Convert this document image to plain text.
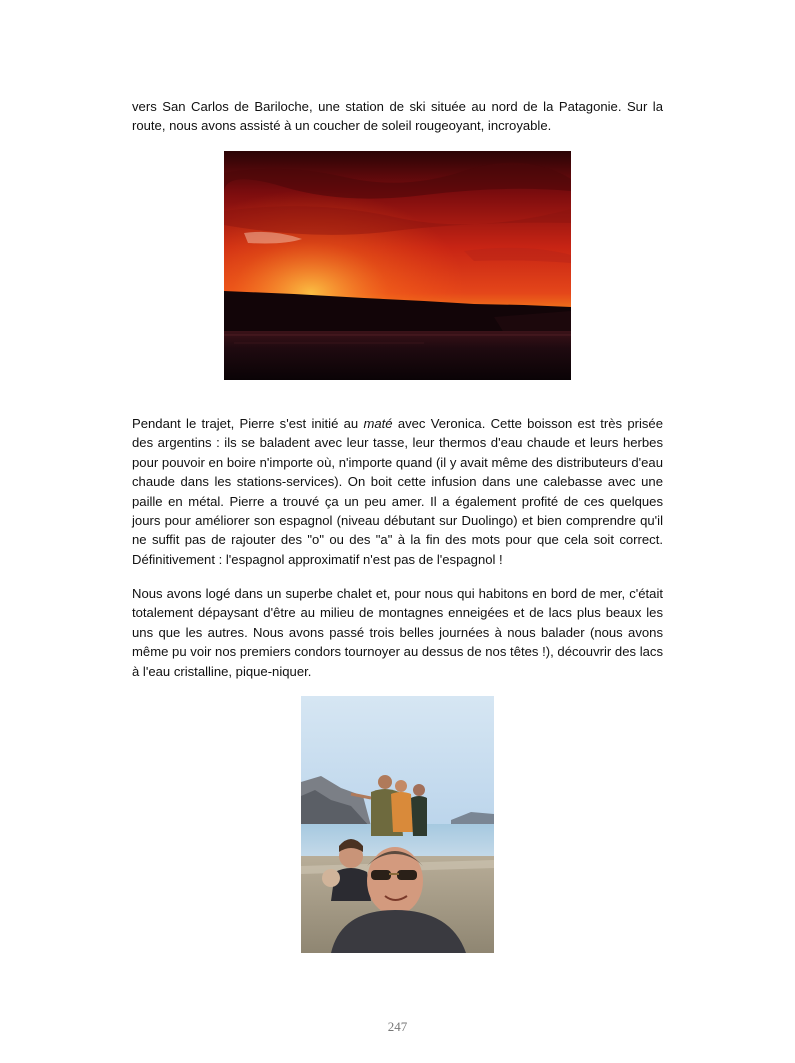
vers San Carlos de Bariloche, une station de ski située au nord de la Patagonie. Sur la route, nous avons assisté à un coucher de soleil rougeoyant, incroyable.

Pendant le trajet, Pierre s'est initié au maté avec Veronica. Cette boisson est très prisée des argentins : ils se baladent avec leur tasse, leur thermos d'eau chaude et leurs herbes pour pouvoir en boire n'importe où, n'importe quand (il y avait même des distributeurs d'eau chaude dans les stations-services). On boit cette infusion dans une calebasse avec une paille en métal. Pierre a trouvé ça un peu amer. Il a également profité de ces quelques jours pour améliorer son espagnol (niveau débutant sur Duolingo) et bien comprendre qu'il ne suffit pas de rajouter des "o" ou des "a" à la fin des mots pour que cela soit correct. Définitivement : l'espagnol approximatif n'est pas de l'espagnol !

Nous avons logé dans un superbe chalet et, pour nous qui habitons en bord de mer, c'était totalement dépaysant d'être au milieu de montagnes enneigées et de lacs plus beaux les uns que les autres. Nous avons passé trois belles journées à nous balader (nous avons même pu voir nos premiers condors tournoyer au dessus de nos têtes !), découvrir des lacs à l'eau cristalline, pique-niquer.

247
